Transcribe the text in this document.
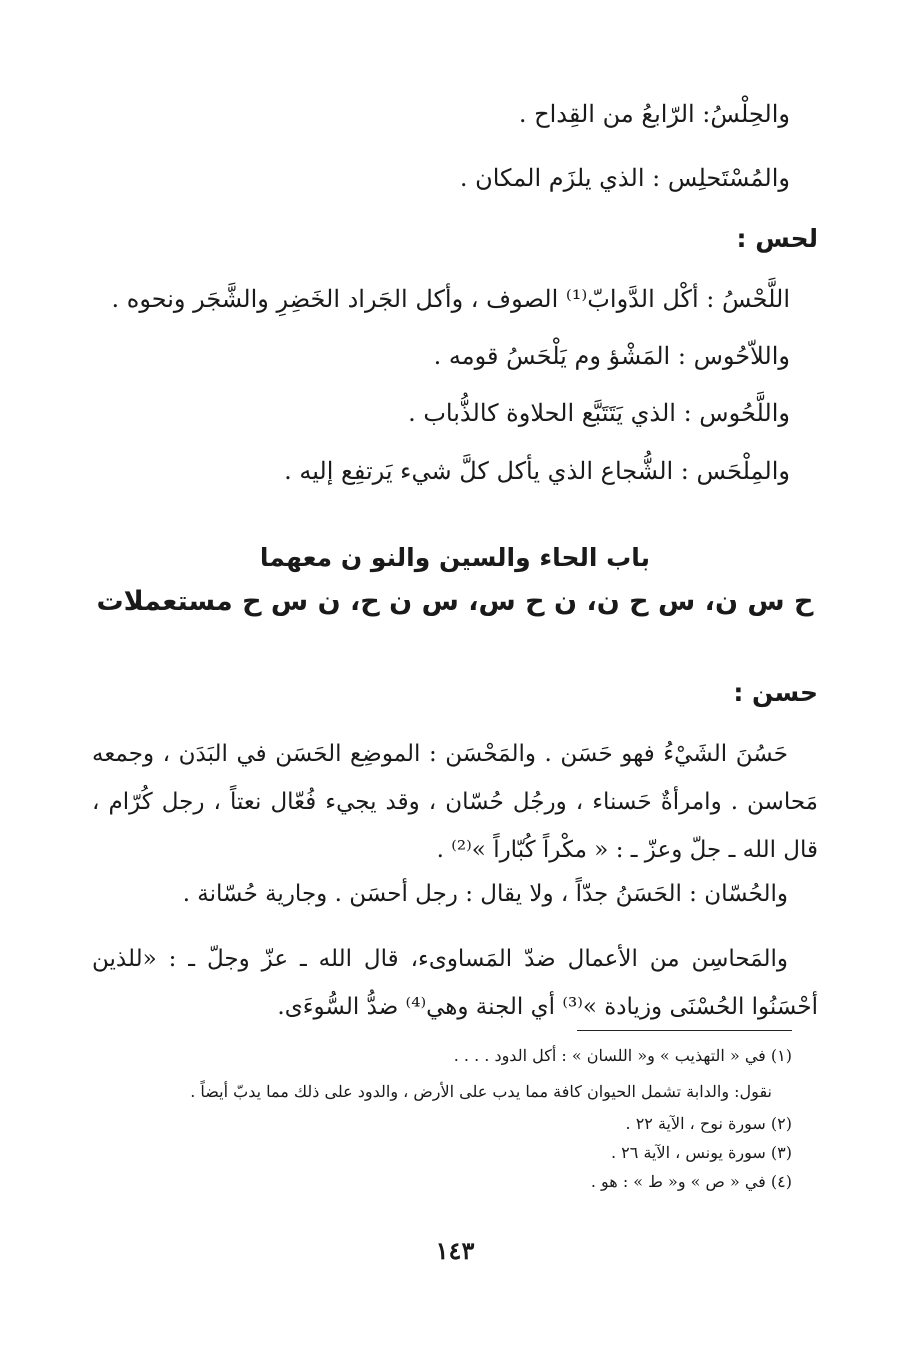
والحِلْسُ: الرّابعُ من القِداح .
والمُسْتَحلِس : الذي يلزَم المكان .
لحس :
اللَّحْسُ : أكْل الدَّوابّ⁽¹⁾ الصوف ، وأكل الجَراد الخَضِرِ والشَّجَر ونحوه .
واللاّحُوس : المَشْؤ وم يَلْحَسُ قومه .
واللَّحُوس : الذي يَتَتَبَّع الحلاوة كالذُّباب .
والمِلْحَس : الشُّجاع الذي يأكل كلَّ شيء يَرتفِع إليه .
باب الحاء والسين والنو ن معهما
ح س ن، س ح ن، ن ح س، س ن ح، ن س ح مستعملات
حسن :
حَسُنَ الشَيْءُ فهو حَسَن . والمَحْسَن : الموضِع الحَسَن في البَدَن ، وجمعه مَحاسن . وامرأةٌ حَسناء ، ورجُل حُسّان ، وقد يجيء فُعّال نعتاً ، رجل كُرّام ، قال الله ـ جلّ وعزّ ـ : « مكْراً كُبّاراً »⁽²⁾ .
والحُسّان : الحَسَنُ جدّاً ، ولا يقال : رجل أحسَن . وجارية حُسّانة .
والمَحاسِن من الأعمال ضدّ المَساوىء، قال الله ـ عزّ وجلّ ـ : «للذين أحْسَنُوا الحُسْنَى وزيادة »⁽³⁾ أي الجنة وهي⁽⁴⁾ ضدُّ السُّوءَى.
(١) في « التهذيب » و« اللسان » : أكل الدود . . . .
نقول: والدابة تشمل الحيوان كافة مما يدب على الأرض ، والدود على ذلك مما يدبّ أيضاً .
(٢) سورة نوح ، الآية ٢٢ .
(٣) سورة يونس ، الآية ٢٦ .
(٤) في « ص » و« ط » : هو .
١٤٣
